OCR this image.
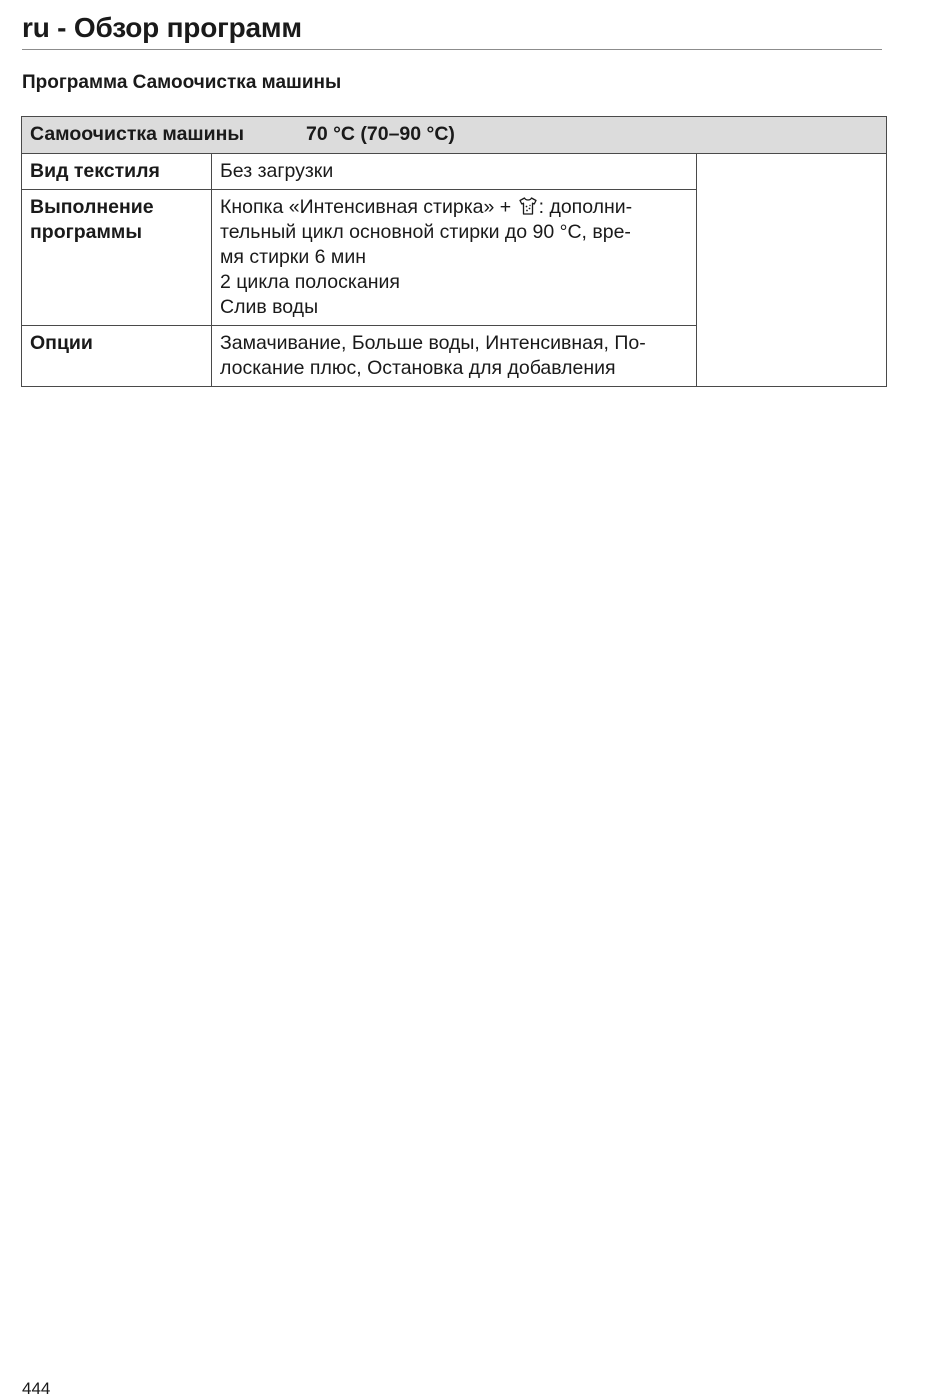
ru - Обзор программ
Программа Самоочистка машины
Самоочистка машины 70 °C (70–90 °C)		
Вид текстиля	Без загрузки	

Выполнение программы	Кнопка «Интенсивная стирка» + : дополни-
тельный цикл основной стирки до 90 °C, вре-
мя стирки 6 мин
2 цикла полоскания
Слив воды	

Опции	Замачивание, Больше воды, Интенсивная, По-
лоскание плюс, Остановка для добавления	

444
